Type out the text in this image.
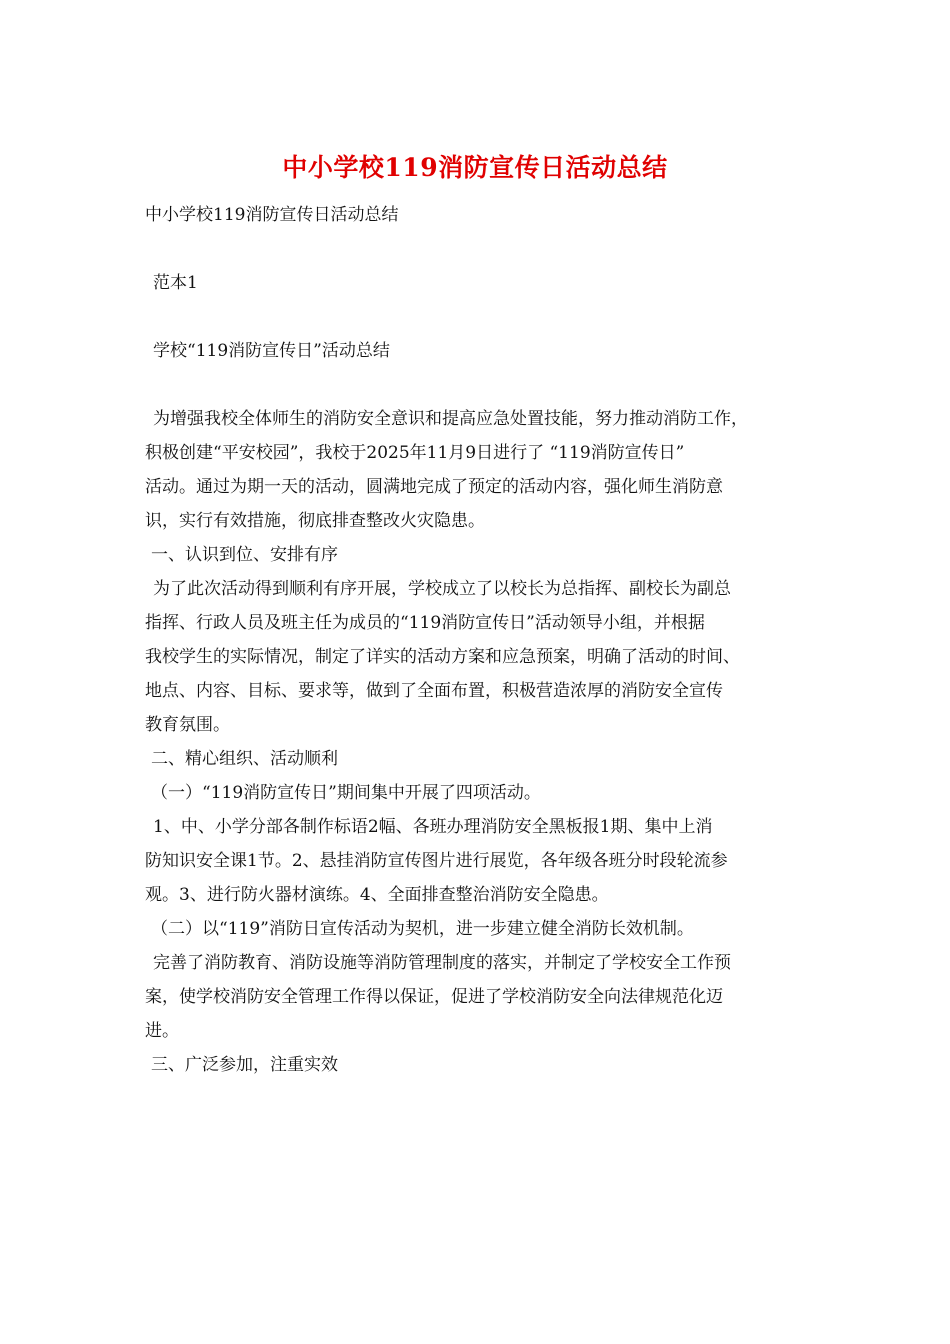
中小学校119消防宣传日活动总结
中小学校119消防宣传日活动总结
范本1
学校“119消防宣传日”活动总结
为增强我校全体师生的消防安全意识和提高应急处置技能，努力推动消防工作，
积极创建“平安校园”，我校于2025年11月9日进行了 “119消防宣传日”
活动。通过为期一天的活动，圆满地完成了预定的活动内容，强化师生消防意
识，实行有效措施，彻底排查整改火灾隐患。
一、认识到位、安排有序
为了此次活动得到顺利有序开展，学校成立了以校长为总指挥、副校长为副总
指挥、行政人员及班主任为成员的“119消防宣传日”活动领导小组，并根据
我校学生的实际情况，制定了详实的活动方案和应急预案，明确了活动的时间、
地点、内容、目标、要求等，做到了全面布置，积极营造浓厚的消防安全宣传
教育氛围。
二、精心组织、活动顺利
（一）“119消防宣传日”期间集中开展了四项活动。
1、中、小学分部各制作标语2幅、各班办理消防安全黑板报1期、集中上消
防知识安全课1节。2、悬挂消防宣传图片进行展览，各年级各班分时段轮流参
观。3、进行防火器材演练。4、全面排查整治消防安全隐患。
（二）以“119”消防日宣传活动为契机，进一步建立健全消防长效机制。
完善了消防教育、消防设施等消防管理制度的落实，并制定了学校安全工作预
案，使学校消防安全管理工作得以保证，促进了学校消防安全向法律规范化迈
进。
三、广泛参加，注重实效
